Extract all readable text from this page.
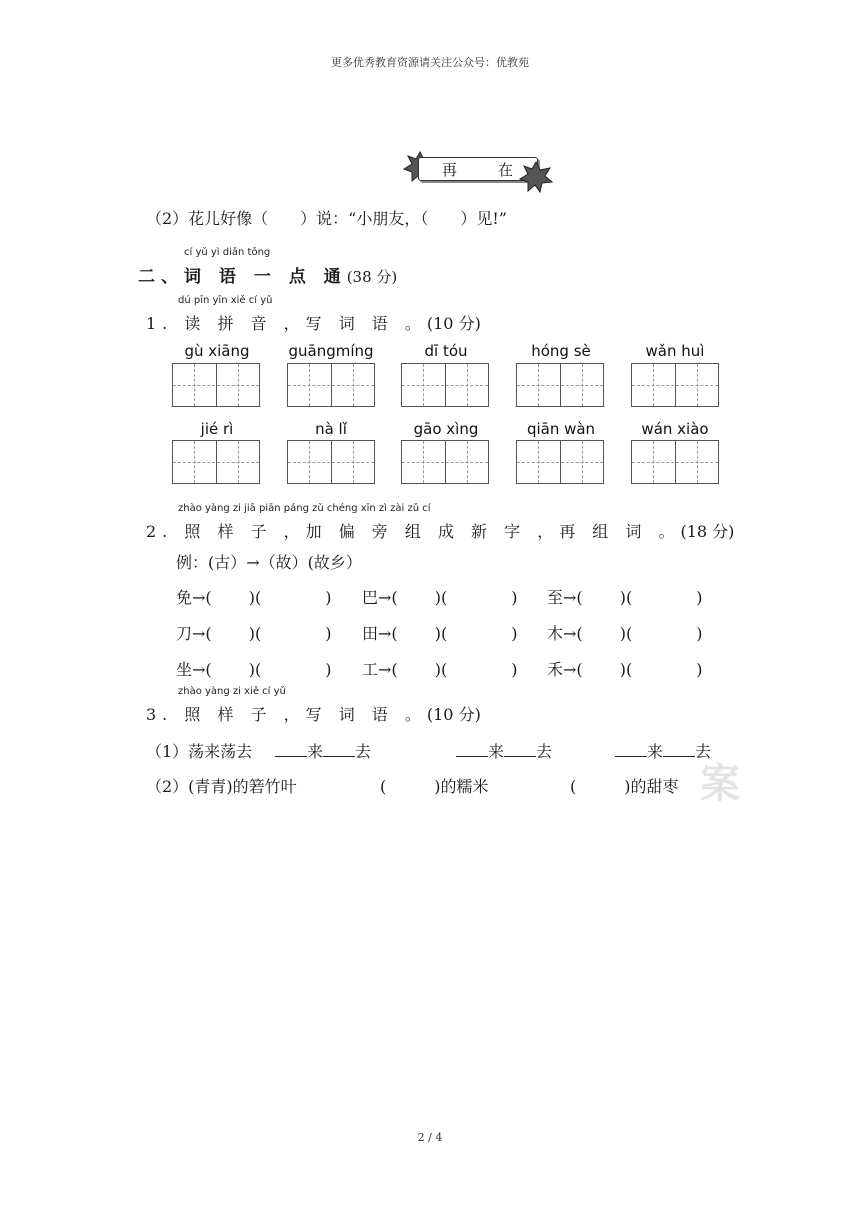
更多优秀教育资源请关注公众号：优教苑
再	在
（2）花儿好像（　　）说：“小朋友，（　　）见!”
cí yǔ yì diǎn tōng
二、词 语 一 点 通(38 分)
dú pīn yīn xiě cí yǔ
1. 读 拼 音 ，写 词 语 。(10 分)
gù xiāng	guāngmíng	dī tóu	hóng sè	wǎn huì
jié rì	nà lǐ	gāo xìng	qiān wàn	wán xiào
zhào yàng zi jiā piān páng zǔ chéng xīn zì zài zǔ cí
2. 照 样 子 ，加 偏 旁 组 成 新 字 ，再 组 词 。(18 分)
例：(古）→（故）(故乡）
免→(　　 )(　　　　) 巴→(　　 )(　　　　) 至→(　　 )(　　　　)
刀→(　　 )(　　　　) 田→(　　 )(　　　　) 木→(　　 )(　　　　)
坐→(　　 )(　　　　) 工→(　　 )(　　　　) 禾→(　　 )(　　　　)
zhào yàng zi xiě cí yǔ
3. 照 样 子 ，写 词 语 。(10 分)
（1）荡来荡去	来 去	来 去	来 去
（2）(青青)的箬竹叶	(　　　)的糯米	(　　　)的甜枣 案
2 / 4
